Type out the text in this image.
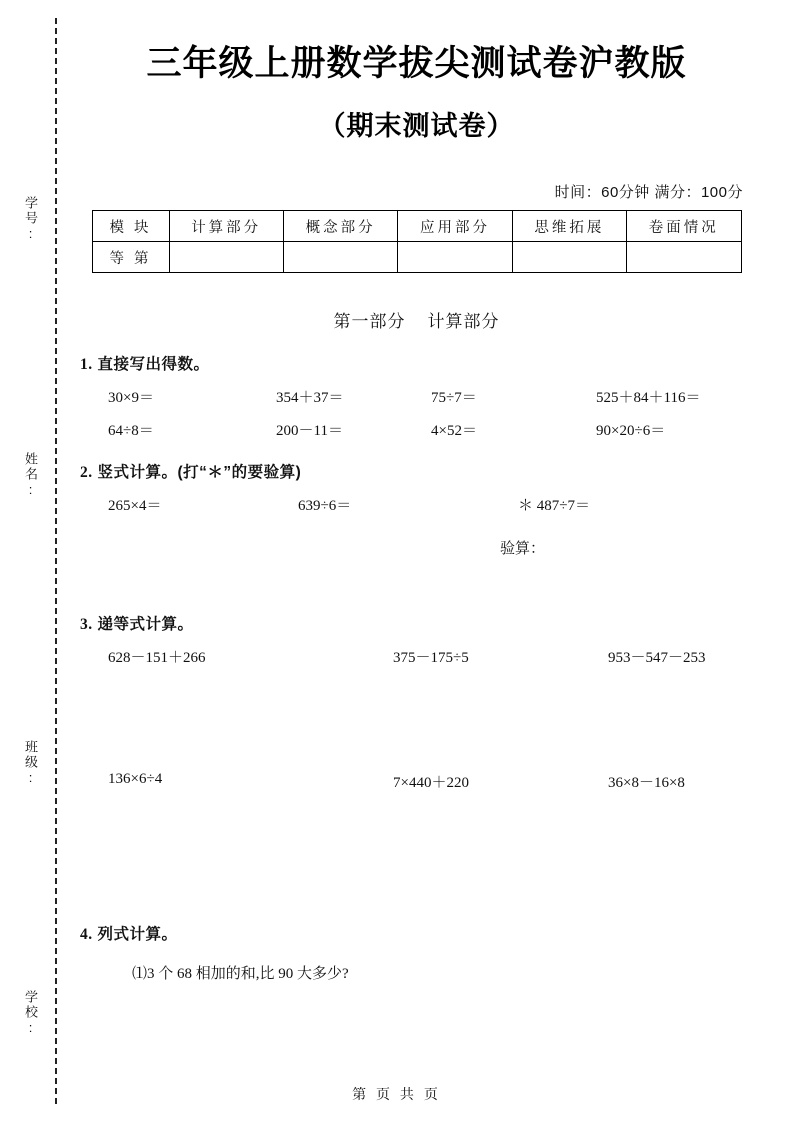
学号:
姓名:
班级:
学校:
三年级上册数学拔尖测试卷沪教版
（期末测试卷）
时间：60分钟 满分：100分
模 块	计算部分	概念部分	应用部分	思维拓展	卷面情况
等 第					
第一部分 计算部分
1. 直接写出得数。
30×9＝	354＋37＝	75÷7＝	525＋84＋116＝
64÷8＝	200－11＝	4×52＝	90×20÷6＝
2. 竖式计算。(打“＊”的要验算)
265×4＝	639÷6＝	＊ 487÷7＝
验算：
3. 递等式计算。
628－151＋266	375－175÷5	953－547－253
136×6÷4	7×440＋220	36×8－16×8
4. 列式计算。
⑴3 个 68 相加的和,比 90 大多少?
第 页 共 页
